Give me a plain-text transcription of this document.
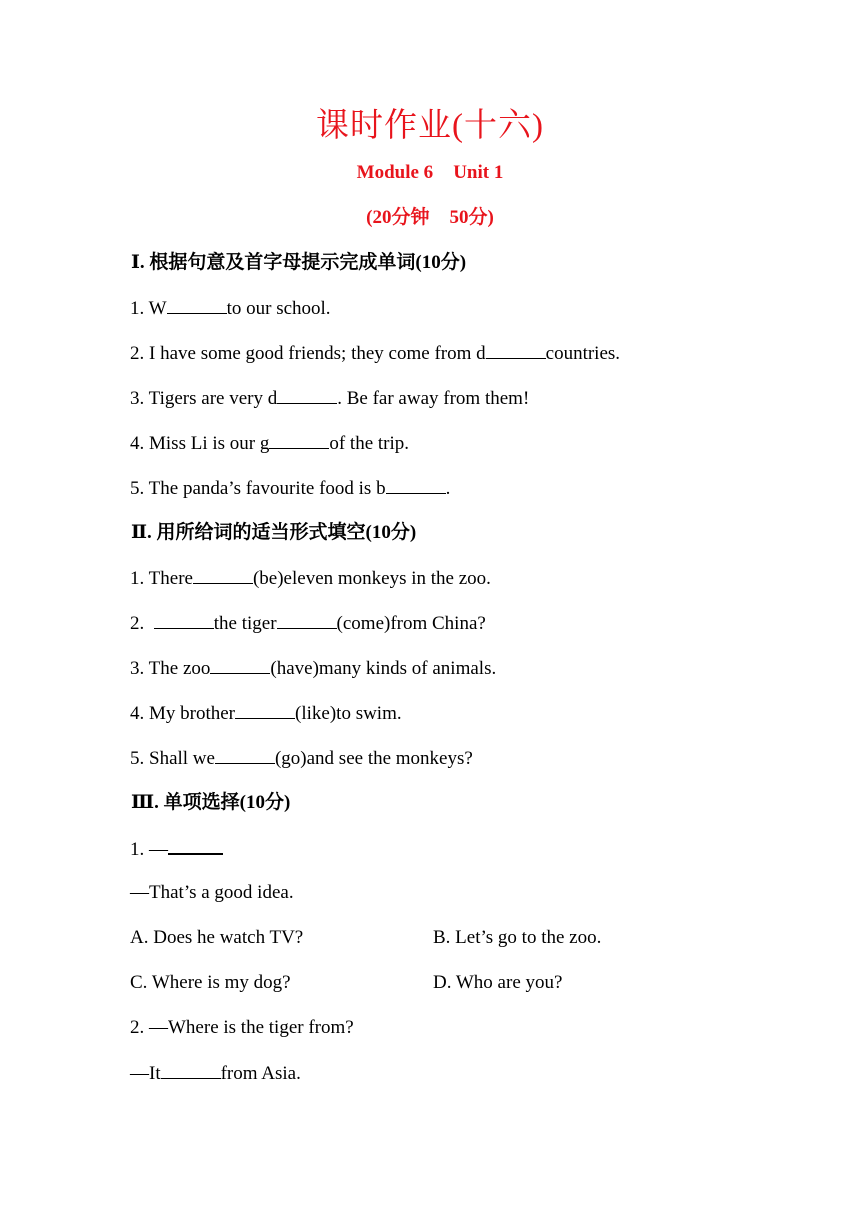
课时作业(十六)
Module 6 Unit 1
(20分钟 50分)
Ⅰ. 根据句意及首字母提示完成单词(10分)
1. W	to our school.
2. I have some good friends; they come from d	countries.
3. Tigers are very d	. Be far away from them!
4. Miss Li is our g	of the trip.
5. The panda’s favourite food is b	.
Ⅱ. 用所给词的适当形式填空(10分)
1. There	(be)eleven monkeys in the zoo.
2.	the tiger	(come)from China?
3. The zoo	(have)many kinds of animals.
4. My brother	(like)to swim.
5. Shall we	(go)and see the monkeys?
Ⅲ. 单项选择(10分)
1. —
—That’s a good idea.
A. Does he watch TV?	B. Let’s go to the zoo.
C. Where is my dog?	D. Who are you?
2. —Where is the tiger from?
—It	from Asia.
